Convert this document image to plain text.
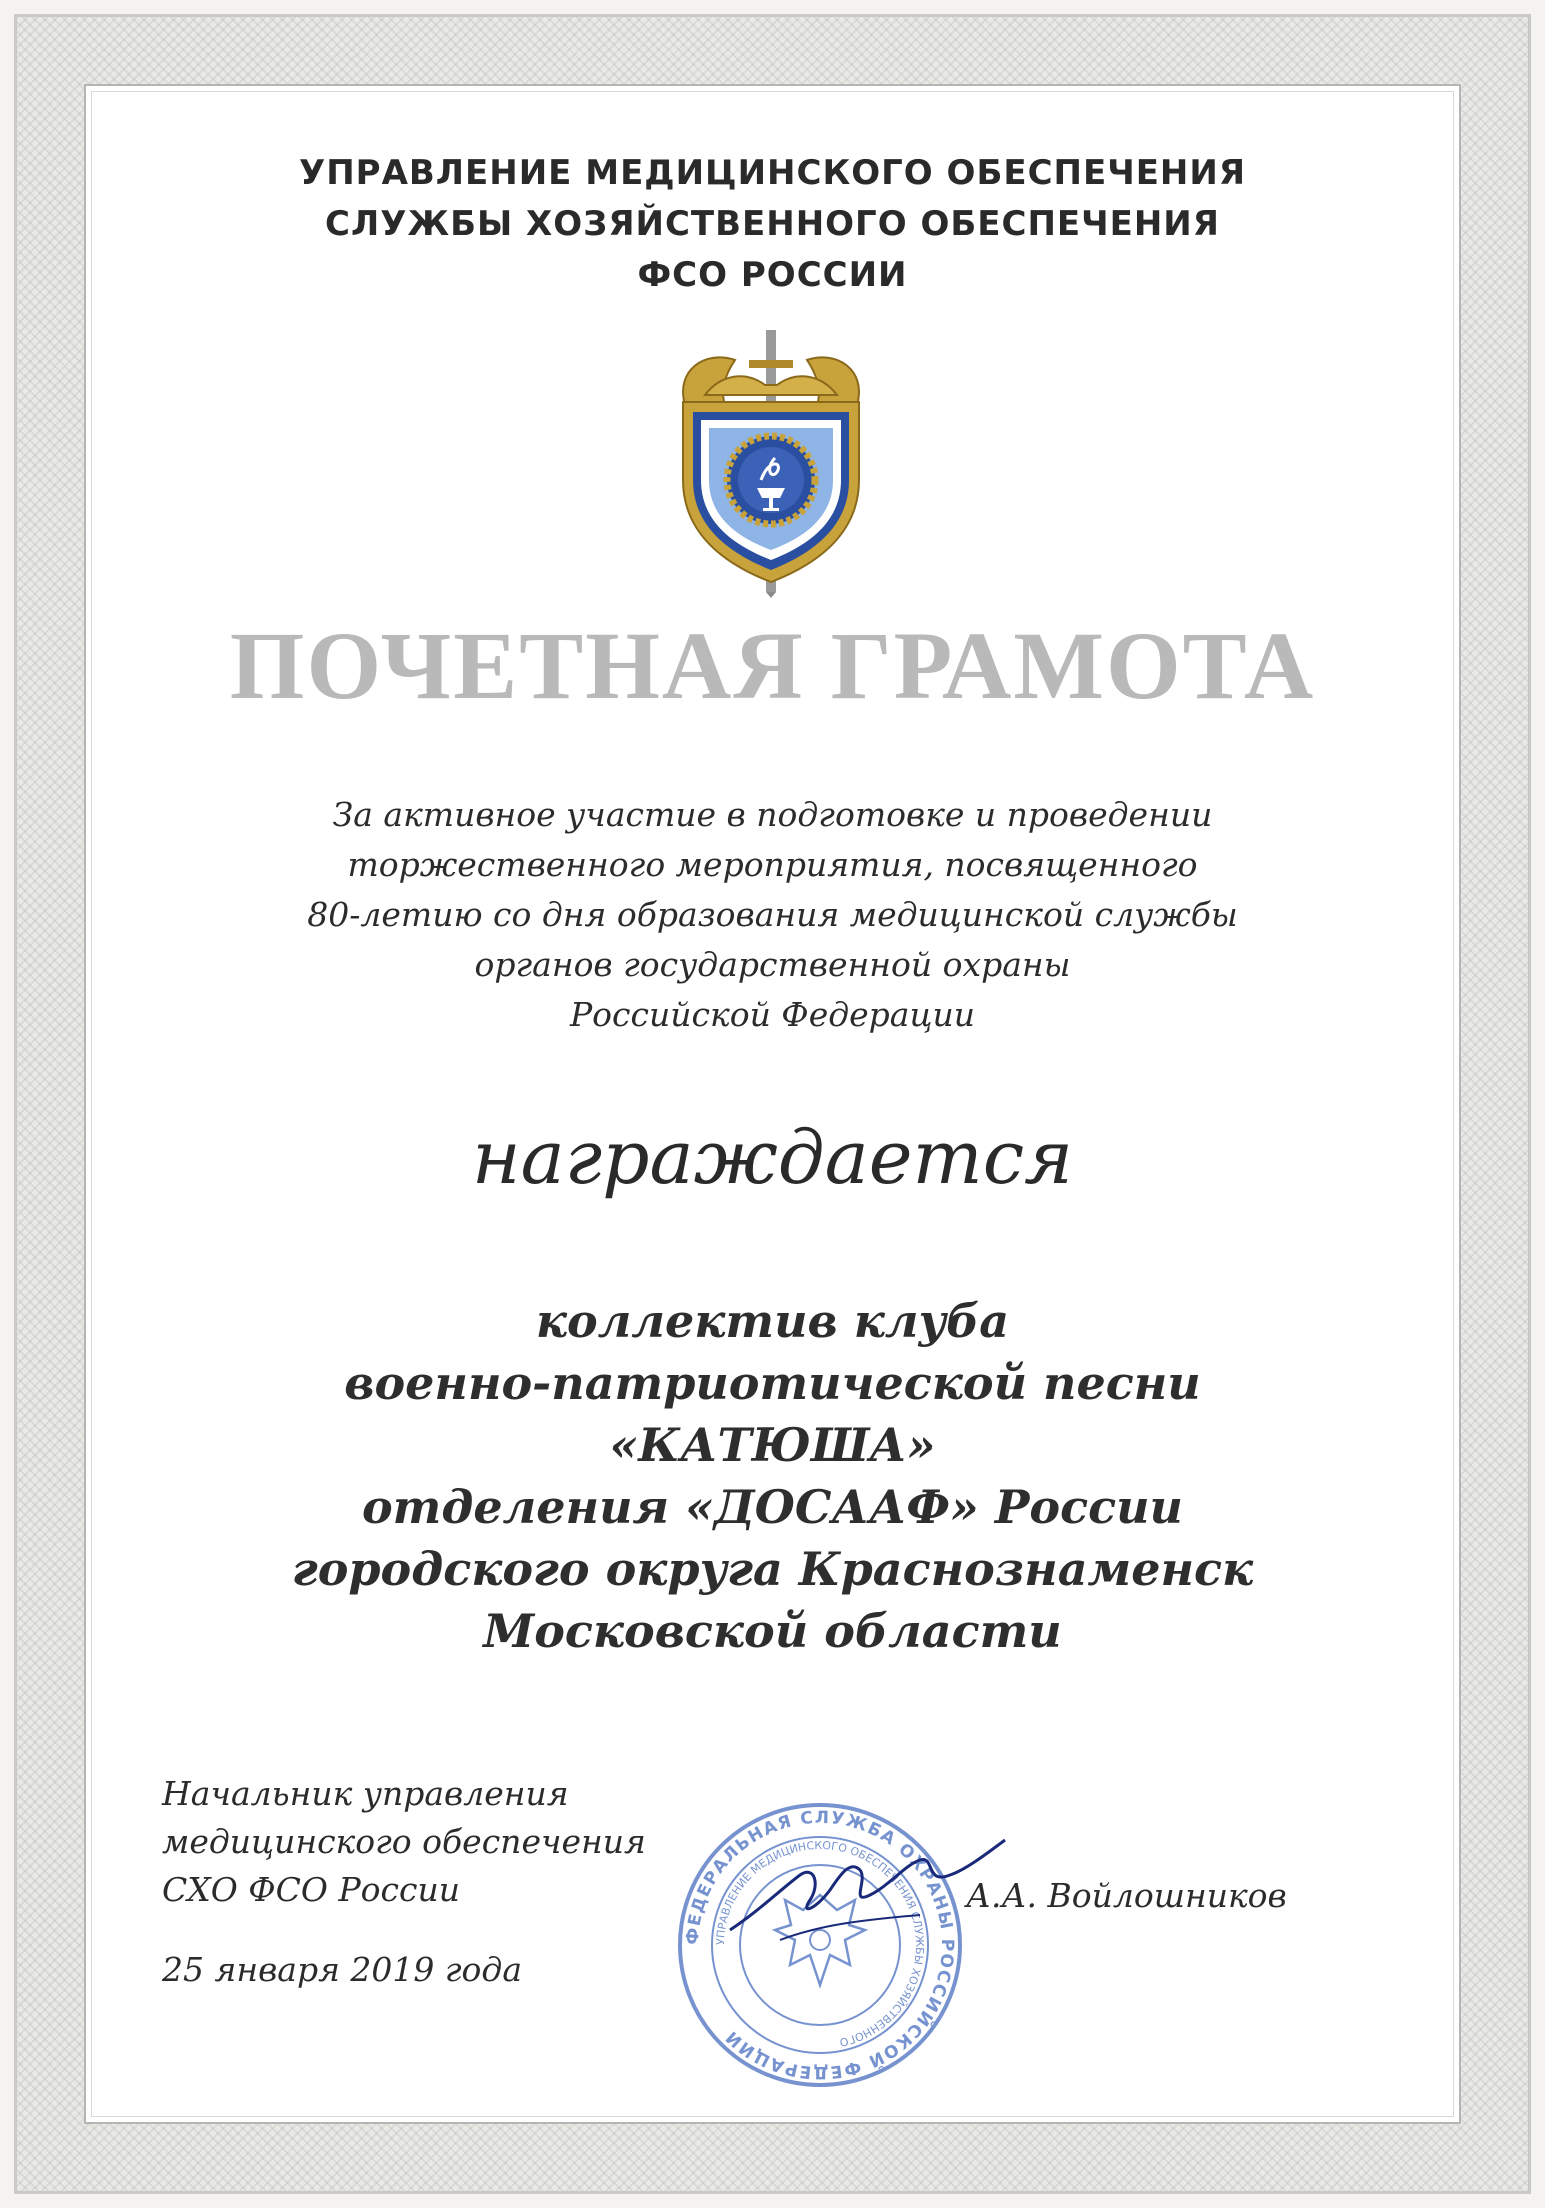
УПРАВЛЕНИЕ МЕДИЦИНСКОГО ОБЕСПЕЧЕНИЯ
СЛУЖБЫ ХОЗЯЙСТВЕННОГО ОБЕСПЕЧЕНИЯ
ФСО РОССИИ
ПОЧЕТНАЯ ГРАМОТА
За активное участие в подготовке и проведении
торжественного мероприятия, посвященного
80-летию со дня образования медицинской службы
органов государственной охраны
Российской Федерации
награждается
коллектив клуба
военно-патриотической песни
«КАТЮША»
отделения «ДОСААФ» России
городского округа Краснознаменск
Московской области
ФЕДЕРАЛЬНАЯ СЛУЖБА ОХРАНЫ РОССИЙСКОЙ ФЕДЕРАЦИИ
УПРАВЛЕНИЕ МЕДИЦИНСКОГО ОБЕСПЕЧЕНИЯ СЛУЖБЫ ХОЗЯЙСТВЕННОГО
Начальник управления
медицинского обеспечения
СХО ФСО России	А.А. Войлошников
25 января 2019 года
